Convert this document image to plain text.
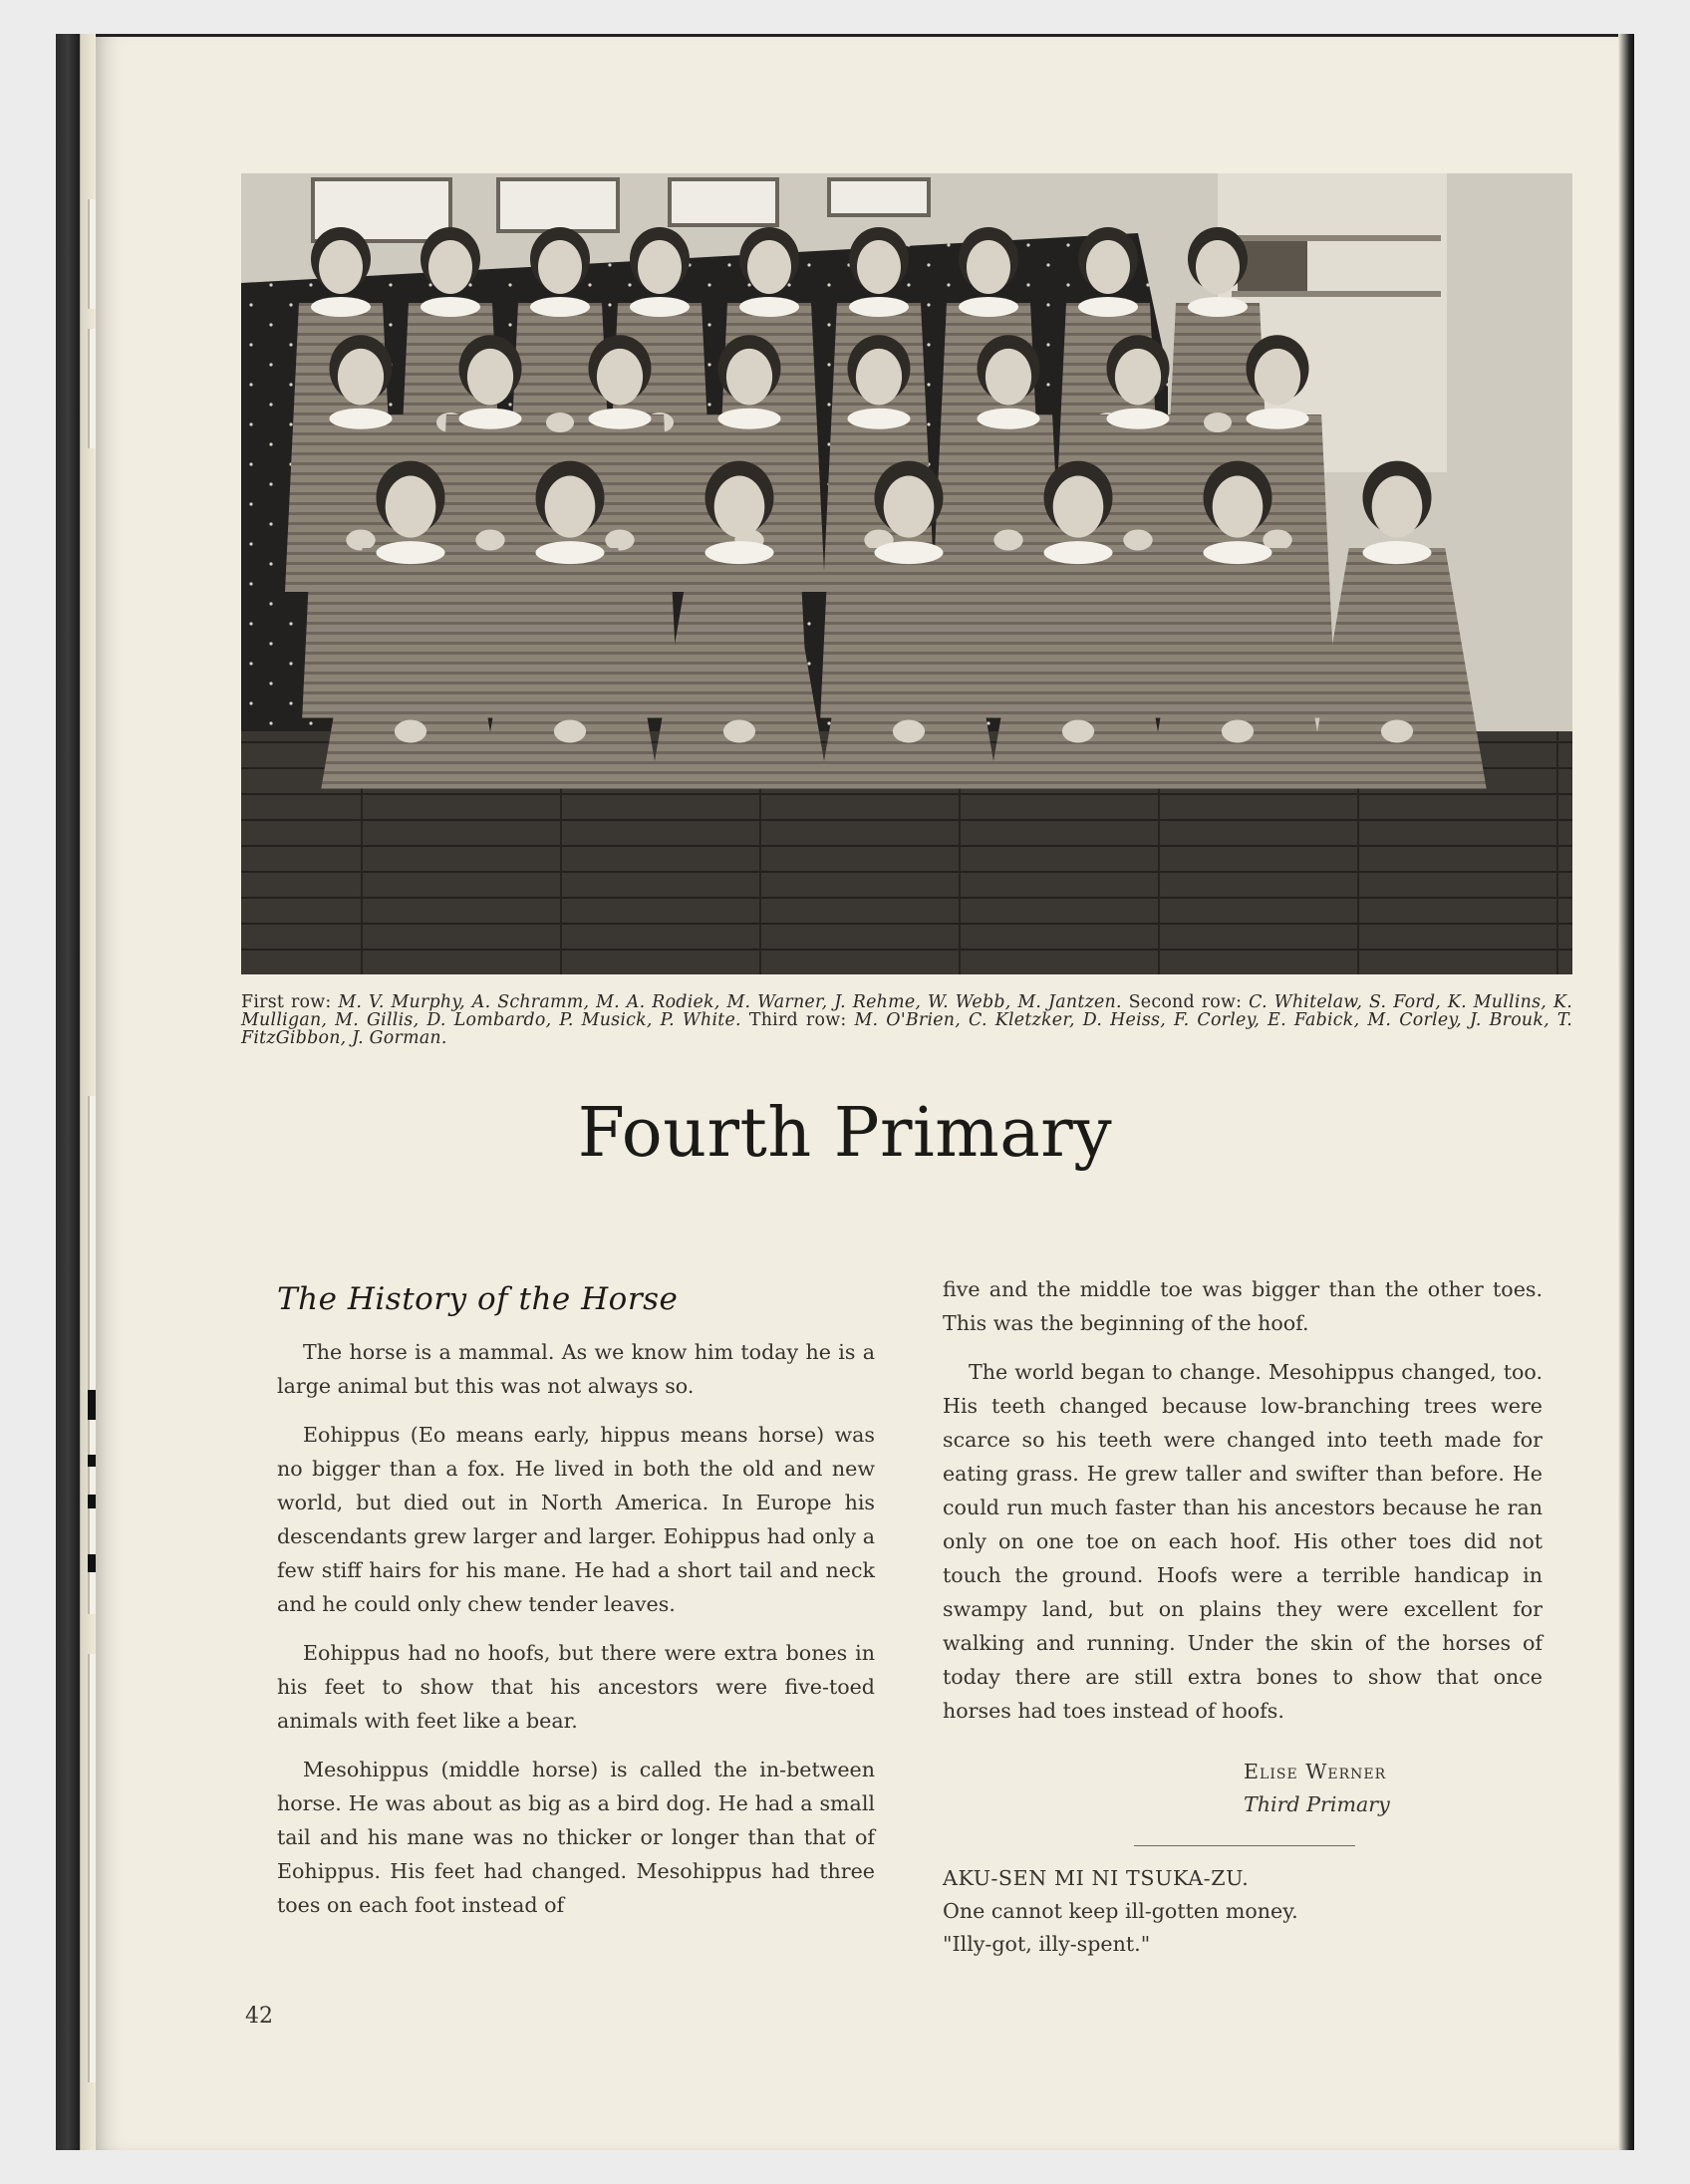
First row: M. V. Murphy, A. Schramm, M. A. Rodiek, M. Warner, J. Rehme, W. Webb, M. Jantzen. Second row: C. Whitelaw, S. Ford, K. Mullins, K. Mulligan, M. Gillis, D. Lombardo, P. Musick, P. White. Third row: M. O'Brien, C. Kletzker, D. Heiss, F. Corley, E. Fabick, M. Corley, J. Brouk, T. FitzGibbon, J. Gorman.
Fourth Primary
The History of the Horse

The horse is a mammal. As we know him today he is a large animal but this was not always so.

Eohippus (Eo means early, hippus means horse) was no bigger than a fox. He lived in both the old and new world, but died out in North America. In Europe his descendants grew larger and larger. Eohippus had only a few stiff hairs for his mane. He had a short tail and neck and he could only chew tender leaves.

Eohippus had no hoofs, but there were extra bones in his feet to show that his ancestors were five-toed animals with feet like a bear.

Mesohippus (middle horse) is called the in-between horse. He was about as big as a bird dog. He had a small tail and his mane was no thicker or longer than that of Eohippus. His feet had changed. Mesohippus had three toes on each foot instead of

five and the middle toe was bigger than the other toes. This was the beginning of the hoof.

The world began to change. Mesohippus changed, too. His teeth changed because low-branching trees were scarce so his teeth were changed into teeth made for eating grass. He grew taller and swifter than before. He could run much faster than his ancestors because he ran only on one toe on each hoof. His other toes did not touch the ground. Hoofs were a terrible handicap in swampy land, but on plains they were excellent for walking and running. Under the skin of the horses of today there are still extra bones to show that once horses had toes instead of hoofs.

Elise Werner
Third Primary
AKU-SEN MI NI TSUKA-ZU.
One cannot keep ill-gotten money.
"Illy-got, illy-spent."
42
